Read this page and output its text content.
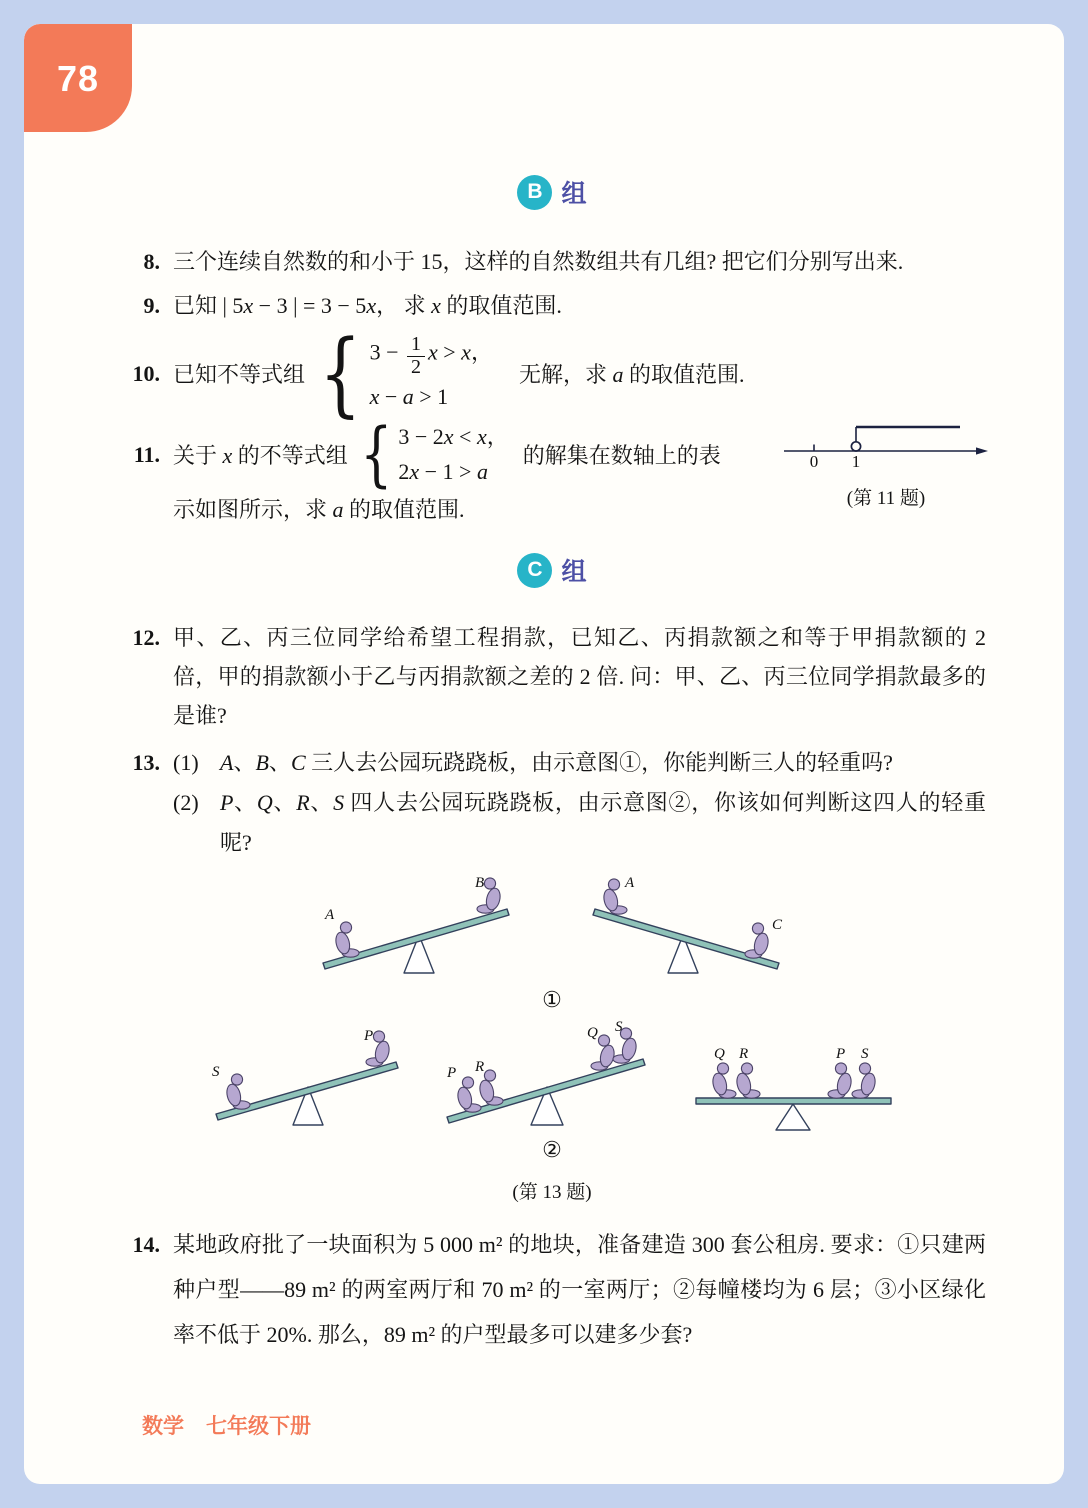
78
B 组
8. 三个连续自然数的和小于 15，这样的自然数组共有几组? 把它们分别写出来.
9. 已知 | 5x − 3 | = 3 − 5x， 求 x 的取值范围.
10. 已知不等式组 { $3 - \frac{1}{2}$ x > x，
x − a > 1
无解，求 a 的取值范围.
11. 关于 x 的不等式组 { 3 − 2x < x，
2x − 1 > a
的解集在数轴上的表
示如图所示，求 a 的取值范围.
0 1
(第 11 题)
C 组
12. 甲、乙、丙三位同学给希望工程捐款，已知乙、丙捐款额之和等于甲捐款额的 2 倍，甲的捐款额小于乙与丙捐款额之差的 2 倍. 问：甲、乙、丙三位同学捐款最多的是谁?
13. (1) A、B、C 三人去公园玩跷跷板，由示意图①，你能判断三人的轻重吗?
(2) P、Q、R、S 四人去公园玩跷跷板，由示意图②，你该如何判断这四人的轻重呢?
A
B	A
C
①
S
P
P R
Q S
Q R	P S
②
(第 13 题)
14. 某地政府批了一块面积为 5 000 m² 的地块，准备建造 300 套公租房. 要求：①只建两种户型——89 m² 的两室两厅和 70 m² 的一室两厅；②每幢楼均为 6 层；③小区绿化率不低于 20%. 那么，89 m² 的户型最多可以建多少套?
数学 七年级下册
